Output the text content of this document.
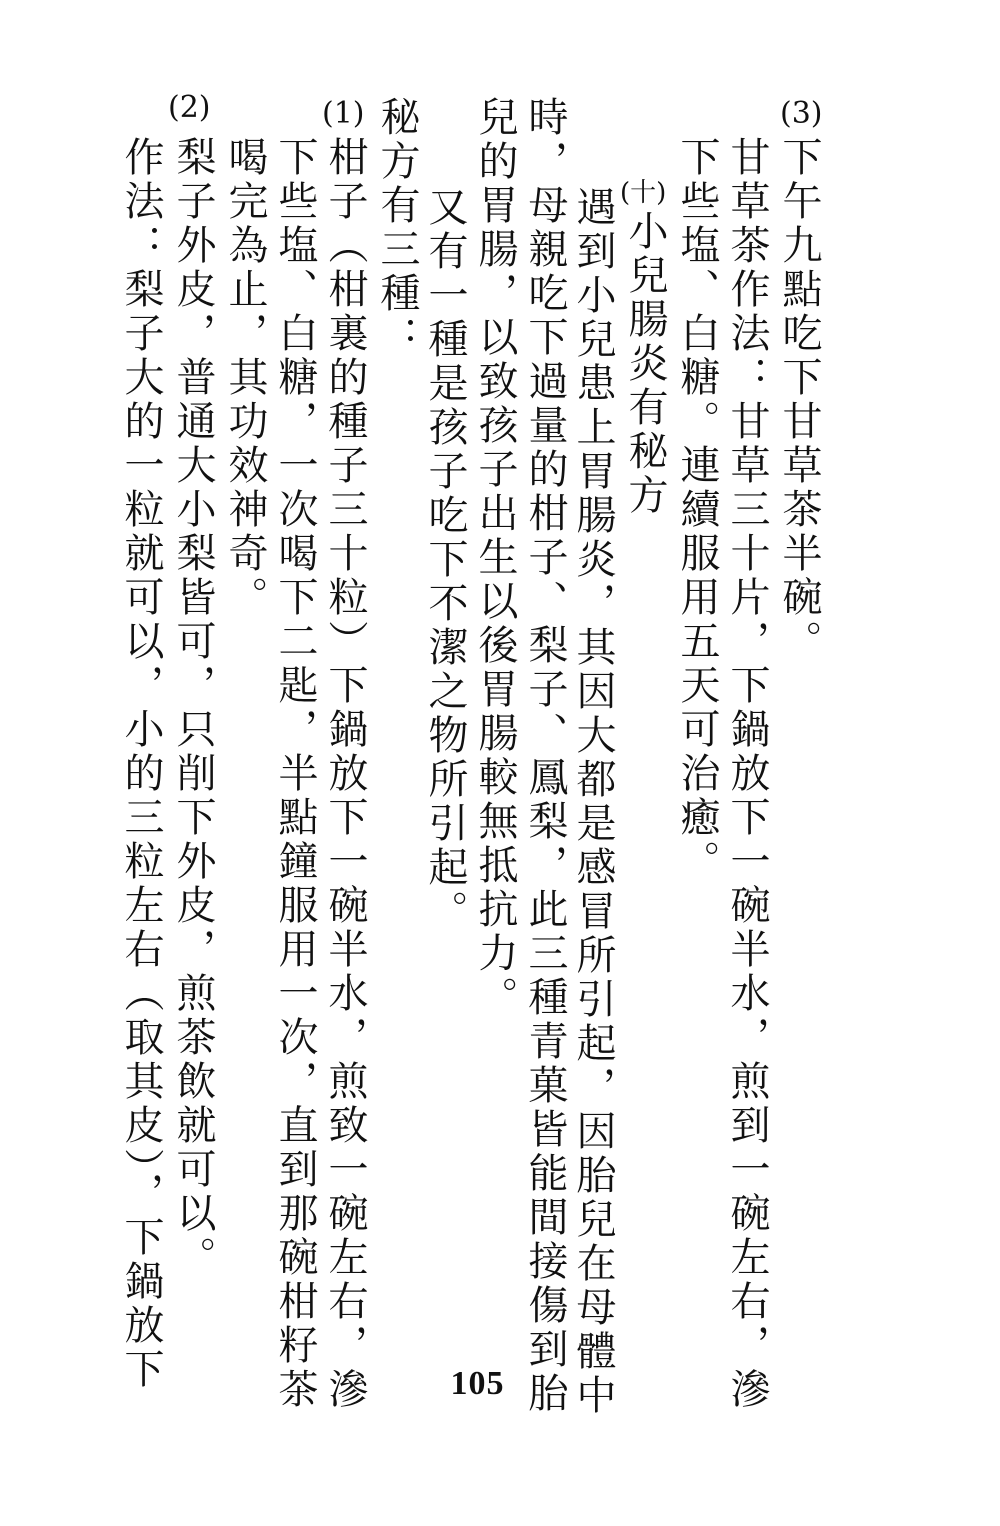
(3)
(十)
(1)
(2)
下午九點吃下甘草茶半碗。
甘草茶作法：甘草三十片，下鍋放下一碗半水，煎到一碗左右，滲
下些塩、白糖。連續服用五天可治癒。
小兒腸炎有秘方
遇到小兒患上胃腸炎，其因大都是感冒所引起，因胎兒在母體中
時，母親吃下過量的柑子、梨子、鳳梨，此三種青菓皆能間接傷到胎
兒的胃腸，以致孩子出生以後胃腸較無抵抗力。
又有一種是孩子吃下不潔之物所引起。
秘方有三種：
柑子（柑裏的種子三十粒）下鍋放下一碗半水，煎致一碗左右，滲
下些塩、白糖，一次喝下二匙，半點鐘服用一次，直到那碗柑籽茶
喝完為止，其功效神奇。
梨子外皮，普通大小梨皆可，只削下外皮，煎茶飲就可以。
作法：梨子大的一粒就可以，小的三粒左右（取其皮），下鍋放下	105
